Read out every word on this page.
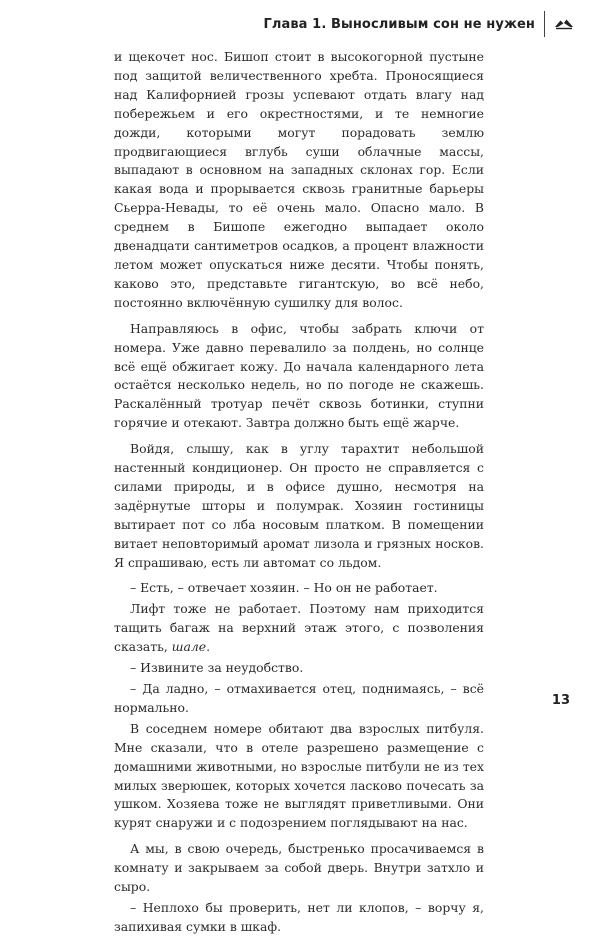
Глава 1. Выносливым сон не нужен

и щекочет нос. Бишоп стоит в высокогорной пустыне под защитой величественного хребта. Проносящиеся над Калифорнией грозы успевают отдать влагу над побережьем и его окрестностями, и те немногие дожди, которыми могут порадовать землю продвигающиеся вглубь суши облачные массы, выпадают в основном на западных склонах гор. Если какая вода и прорывается сквозь гранитные барьеры Сьерра-Невады, то её очень мало. Опасно мало. В среднем в Бишопе ежегодно выпадает около двенадцати сантиметров осадков, а процент влажности летом может опускаться ниже десяти. Чтобы понять, каково это, представьте гигантскую, во всё небо, постоянно включённую сушилку для волос.

Направляюсь в офис, чтобы забрать ключи от номера. Уже давно перевалило за полдень, но солнце всё ещё обжигает кожу. До начала календарного лета остаётся несколько недель, но по погоде не скажешь. Раскалённый тротуар печёт сквозь ботинки, ступни горячие и отекают. Завтра должно быть ещё жарче.

Войдя, слышу, как в углу тарахтит небольшой настенный кондиционер. Он просто не справляется с силами природы, и в офисе душно, несмотря на задёрнутые шторы и полумрак. Хозяин гостиницы вытирает пот со лба носовым платком. В помещении витает неповторимый аромат лизола и грязных носков. Я спрашиваю, есть ли автомат со льдом.

– Есть, – отвечает хозяин. – Но он не работает.

Лифт тоже не работает. Поэтому нам приходится тащить багаж на верхний этаж этого, с позволения сказать, шале.

– Извините за неудобство.

– Да ладно, – отмахивается отец, поднимаясь, – всё нормально.

В соседнем номере обитают два взрослых питбуля. Мне сказали, что в отеле разрешено размещение с домашними животными, но взрослые питбули не из тех милых зверюшек, которых хочется ласково почесать за ушком. Хозяева тоже не выглядят приветливыми. Они курят снаружи и с подозрением поглядывают на нас.

А мы, в свою очередь, быстренько просачиваемся в комнату и закрываем за собой дверь. Внутри затхло и сыро.

– Неплохо бы проверить, нет ли клопов, – ворчу я, запихивая сумки в шкаф.

13
